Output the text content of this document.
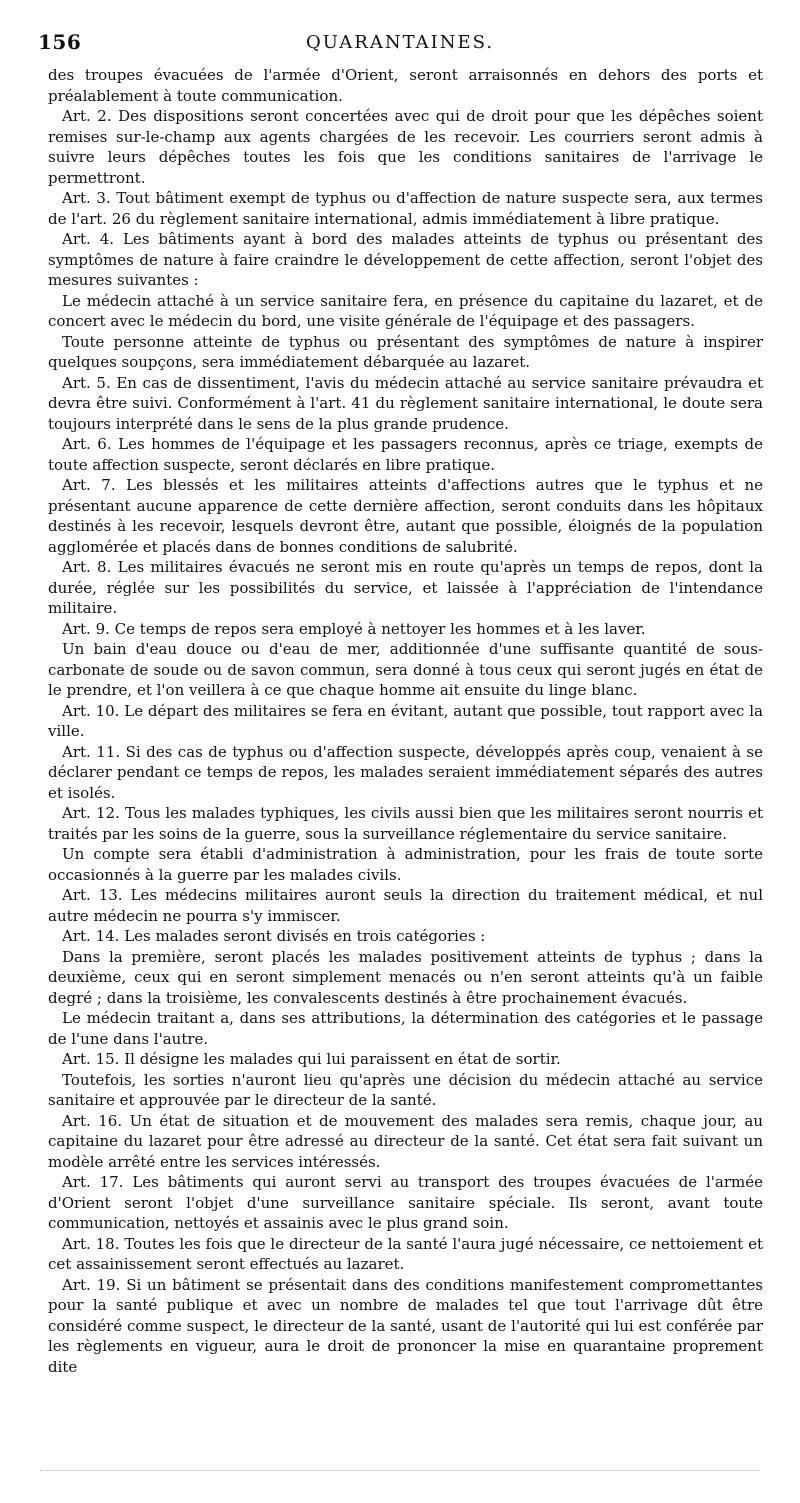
156	QUARANTAINES.

des troupes évacuées de l'armée d'Orient, seront arraisonnés en dehors des ports et préalablement à toute communication.

Art. 2. Des dispositions seront concertées avec qui de droit pour que les dépêches soient remises sur-le-champ aux agents chargées de les recevoir. Les courriers seront admis à suivre leurs dépêches toutes les fois que les conditions sanitaires de l'arrivage le permettront.

Art. 3. Tout bâtiment exempt de typhus ou d'affection de nature suspecte sera, aux termes de l'art. 26 du règlement sanitaire international, admis immédiatement à libre pratique.

Art. 4. Les bâtiments ayant à bord des malades atteints de typhus ou présentant des symptômes de nature à faire craindre le développement de cette affection, seront l'objet des mesures suivantes :

Le médecin attaché à un service sanitaire fera, en présence du capitaine du lazaret, et de concert avec le médecin du bord, une visite générale de l'équipage et des passagers.

Toute personne atteinte de typhus ou présentant des symptômes de nature à inspirer quelques soupçons, sera immédiatement débarquée au lazaret.

Art. 5. En cas de dissentiment, l'avis du médecin attaché au service sanitaire prévaudra et devra être suivi. Conformément à l'art. 41 du règlement sanitaire international, le doute sera toujours interprété dans le sens de la plus grande prudence.

Art. 6. Les hommes de l'équipage et les passagers reconnus, après ce triage, exempts de toute affection suspecte, seront déclarés en libre pratique.

Art. 7. Les blessés et les militaires atteints d'affections autres que le typhus et ne présentant aucune apparence de cette dernière affection, seront conduits dans les hôpitaux destinés à les recevoir, lesquels devront être, autant que possible, éloignés de la population agglomérée et placés dans de bonnes conditions de salubrité.

Art. 8. Les militaires évacués ne seront mis en route qu'après un temps de repos, dont la durée, réglée sur les possibilités du service, et laissée à l'appréciation de l'intendance militaire.

Art. 9. Ce temps de repos sera employé à nettoyer les hommes et à les laver.

Un bain d'eau douce ou d'eau de mer, additionnée d'une suffisante quantité de sous-carbonate de soude ou de savon commun, sera donné à tous ceux qui seront jugés en état de le prendre, et l'on veillera à ce que chaque homme ait ensuite du linge blanc.

Art. 10. Le départ des militaires se fera en évitant, autant que possible, tout rapport avec la ville.

Art. 11. Si des cas de typhus ou d'affection suspecte, développés après coup, venaient à se déclarer pendant ce temps de repos, les malades seraient immédiatement séparés des autres et isolés.

Art. 12. Tous les malades typhiques, les civils aussi bien que les militaires seront nourris et traités par les soins de la guerre, sous la surveillance réglementaire du service sanitaire.

Un compte sera établi d'administration à administration, pour les frais de toute sorte occasionnés à la guerre par les malades civils.

Art. 13. Les médecins militaires auront seuls la direction du traitement médical, et nul autre médecin ne pourra s'y immiscer.

Art. 14. Les malades seront divisés en trois catégories :

Dans la première, seront placés les malades positivement atteints de typhus ; dans la deuxième, ceux qui en seront simplement menacés ou n'en seront atteints qu'à un faible degré ; dans la troisième, les convalescents destinés à être prochainement évacués.

Le médecin traitant a, dans ses attributions, la détermination des catégories et le passage de l'une dans l'autre.

Art. 15. Il désigne les malades qui lui paraissent en état de sortir.

Toutefois, les sorties n'auront lieu qu'après une décision du médecin attaché au service sanitaire et approuvée par le directeur de la santé.

Art. 16. Un état de situation et de mouvement des malades sera remis, chaque jour, au capitaine du lazaret pour être adressé au directeur de la santé. Cet état sera fait suivant un modèle arrêté entre les services intéressés.

Art. 17. Les bâtiments qui auront servi au transport des troupes évacuées de l'armée d'Orient seront l'objet d'une surveillance sanitaire spéciale. Ils seront, avant toute communication, nettoyés et assainis avec le plus grand soin.

Art. 18. Toutes les fois que le directeur de la santé l'aura jugé nécessaire, ce nettoiement et cet assainissement seront effectués au lazaret.

Art. 19. Si un bâtiment se présentait dans des conditions manifestement compromettantes pour la santé publique et avec un nombre de malades tel que tout l'arrivage dût être considéré comme suspect, le directeur de la santé, usant de l'autorité qui lui est conférée par les règlements en vigueur, aura le droit de prononcer la mise en quarantaine proprement dite
